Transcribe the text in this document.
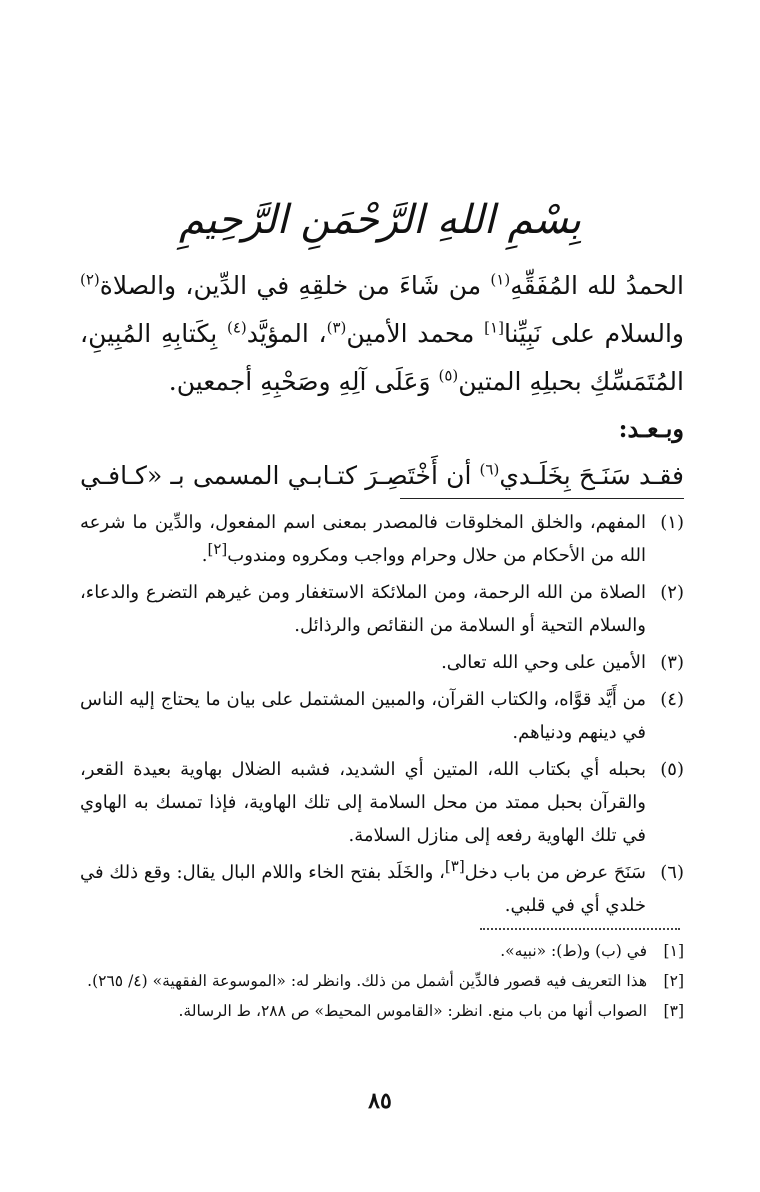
بِسْمِ اللهِ الرَّحْمَنِ الرَّحِيمِ

الحمدُ لله المُفَقِّهِ$^{(١)}$ من شَاءَ من خلقِهِ في الدِّين، والصلاة$^{(٢)}$ والسلام على نَبِيِّنا[١] محمد الأمين$^{(٣)}$، المؤيَّد$^{(٤)}$ بِكَتابِهِ المُبِينِ، المُتَمَسِّكِ بحبلِهِ المتين$^{(٥)}$ وَعَلَى آلِهِ وصَحْبِهِ أجمعين.

وبـعـد:

فقـد سَنَـحَ بِخَلَـدي$^{(٦)}$ أن أَخْتَصِـرَ كتـابـي المسمى بـ «كـافـي

(١)
المفهم، والخلق المخلوقات فالمصدر بمعنى اسم المفعول، والدِّين ما شرعه الله من الأحكام من حلال وحرام وواجب ومكروه ومندوب[٢].
(٢)
الصلاة من الله الرحمة، ومن الملائكة الاستغفار ومن غيرهم التضرع والدعاء، والسلام التحية أو السلامة من النقائص والرذائل.
(٣)
الأمين على وحي الله تعالى.
(٤)
من أَيَّد قوَّاه، والكتاب القرآن، والمبين المشتمل على بيان ما يحتاج إليه الناس في دينهم ودنياهم.
(٥)
بحبله أي بكتاب الله، المتين أي الشديد، فشبه الضلال بهاوية بعيدة القعر، والقرآن بحبل ممتد من محل السلامة إلى تلك الهاوية، فإذا تمسك به الهاوي في تلك الهاوية رفعه إلى منازل السلامة.
(٦)
سَنَحَ عرض من باب دخل[٣]، والخَلَد بفتح الخاء واللام البال يقال: وقع ذلك في خلدي أي في قلبي.

[١] في (ب) و(ط): «نبيه».

[٢] هذا التعريف فيه قصور فالدِّين أشمل من ذلك. وانظر له: «الموسوعة الفقهية» (٤/ ٢٦٥).

[٣] الصواب أنها من باب منع. انظر: «القاموس المحيط» ص ٢٨٨، ط الرسالة.

٨٥
